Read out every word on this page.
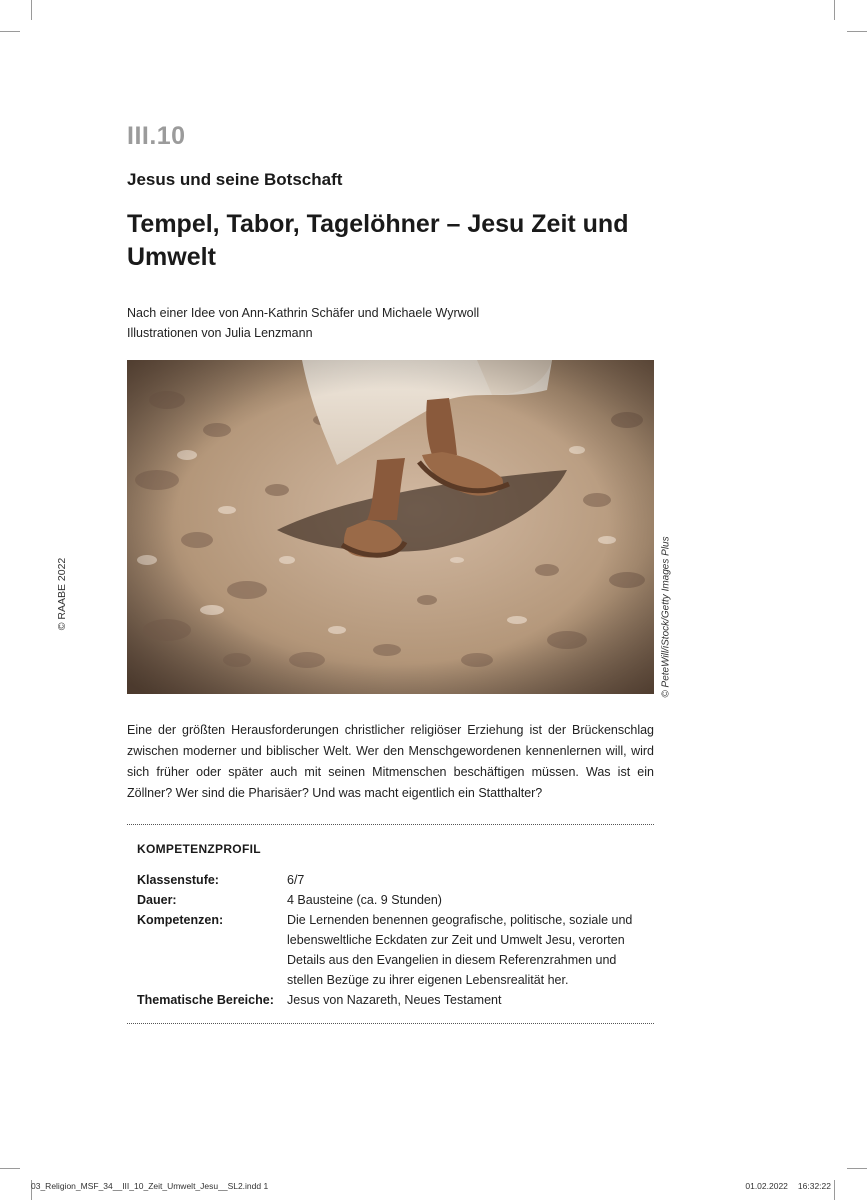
III.10
Jesus und seine Botschaft
Tempel, Tabor, Tagelöhner – Jesu Zeit und Umwelt
Nach einer Idee von Ann-Kathrin Schäfer und Michaele Wyrwoll
Illustrationen von Julia Lenzmann
© RAABE 2022	© PeteWill/iStock/Getty Images Plus
Eine der größten Herausforderungen christlicher religiöser Erziehung ist der Brückenschlag zwischen moderner und biblischer Welt. Wer den Menschgewordenen kennenlernen will, wird sich früher oder später auch mit seinen Mitmenschen beschäftigen müssen. Was ist ein Zöllner? Wer sind die Pharisäer? Und was macht eigentlich ein Statthalter?
KOMPETENZPROFIL
Klassenstufe:	6/7
Dauer:	4 Bausteine (ca. 9 Stunden)
Kompetenzen:	Die Lernenden benennen geografische, politische, soziale und lebensweltliche Eckdaten zur Zeit und Umwelt Jesu, verorten Details aus den Evangelien in diesem Referenzrahmen und stellen Bezüge zu ihrer eigenen Lebensrealität her.
Thematische Bereiche: Jesus von Nazareth, Neues Testament
03_Religion_MSF_34__III_10_Zeit_Umwelt_Jesu__SL2.indd 1	01.02.2022 16:32:22
